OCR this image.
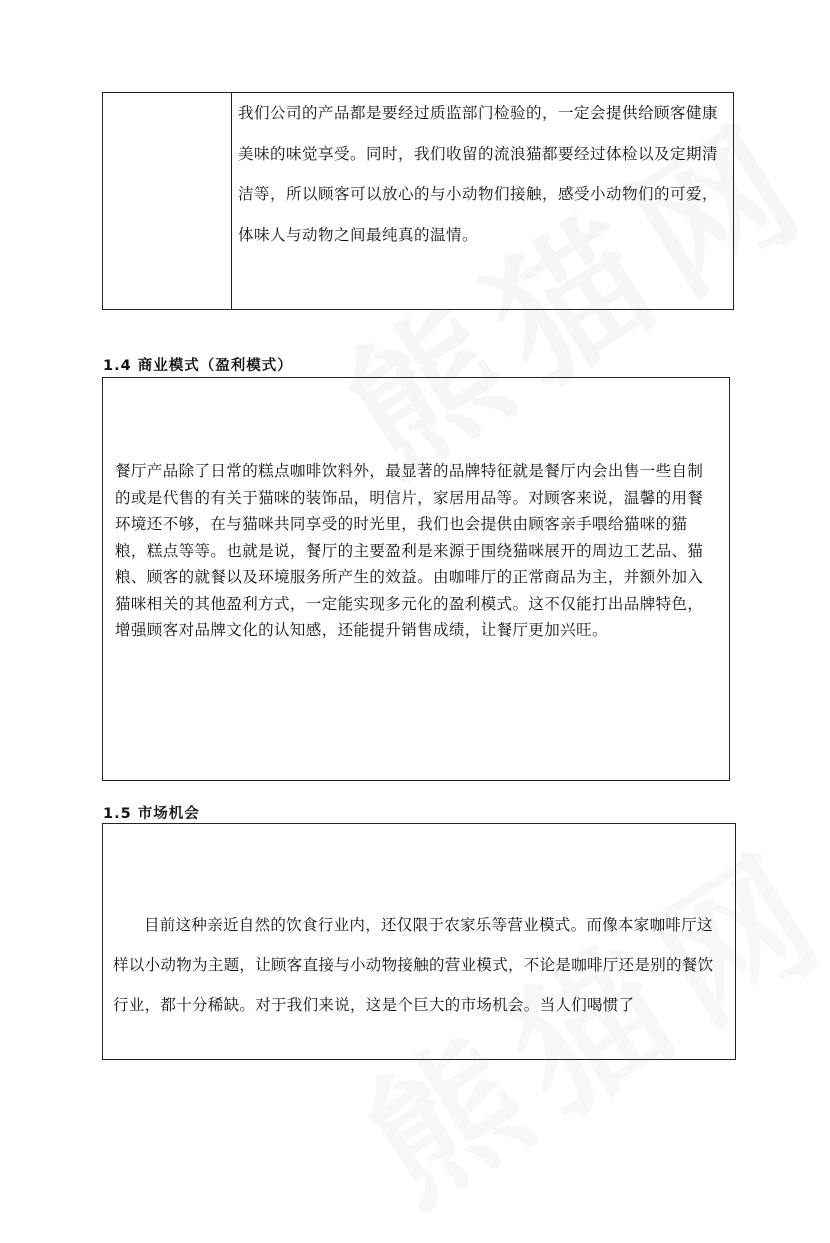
我们公司的产品都是要经过质监部门检验的，一定会提供给顾客健康美味的味觉享受。同时，我们收留的流浪猫都要经过体检以及定期清洁等，所以顾客可以放心的与小动物们接触，感受小动物们的可爱，体味人与动物之间最纯真的温情。

1.4 商业模式（盈利模式）

餐厅产品除了日常的糕点咖啡饮料外，最显著的品牌特征就是餐厅内会出售一些自制的或是代售的有关于猫咪的装饰品，明信片，家居用品等。对顾客来说，温馨的用餐环境还不够，在与猫咪共同享受的时光里，我们也会提供由顾客亲手喂给猫咪的猫粮，糕点等等。也就是说，餐厅的主要盈利是来源于围绕猫咪展开的周边工艺品、猫粮、顾客的就餐以及环境服务所产生的效益。由咖啡厅的正常商品为主，并额外加入猫咪相关的其他盈利方式，一定能实现多元化的盈利模式。这不仅能打出品牌特色，增强顾客对品牌文化的认知感，还能提升销售成绩，让餐厅更加兴旺。

1.5 市场机会

目前这种亲近自然的饮食行业内，还仅限于农家乐等营业模式。而像本家咖啡厅这样以小动物为主题，让顾客直接与小动物接触的营业模式，不论是咖啡厅还是别的餐饮行业，都十分稀缺。对于我们来说，这是个巨大的市场机会。当人们喝惯了
